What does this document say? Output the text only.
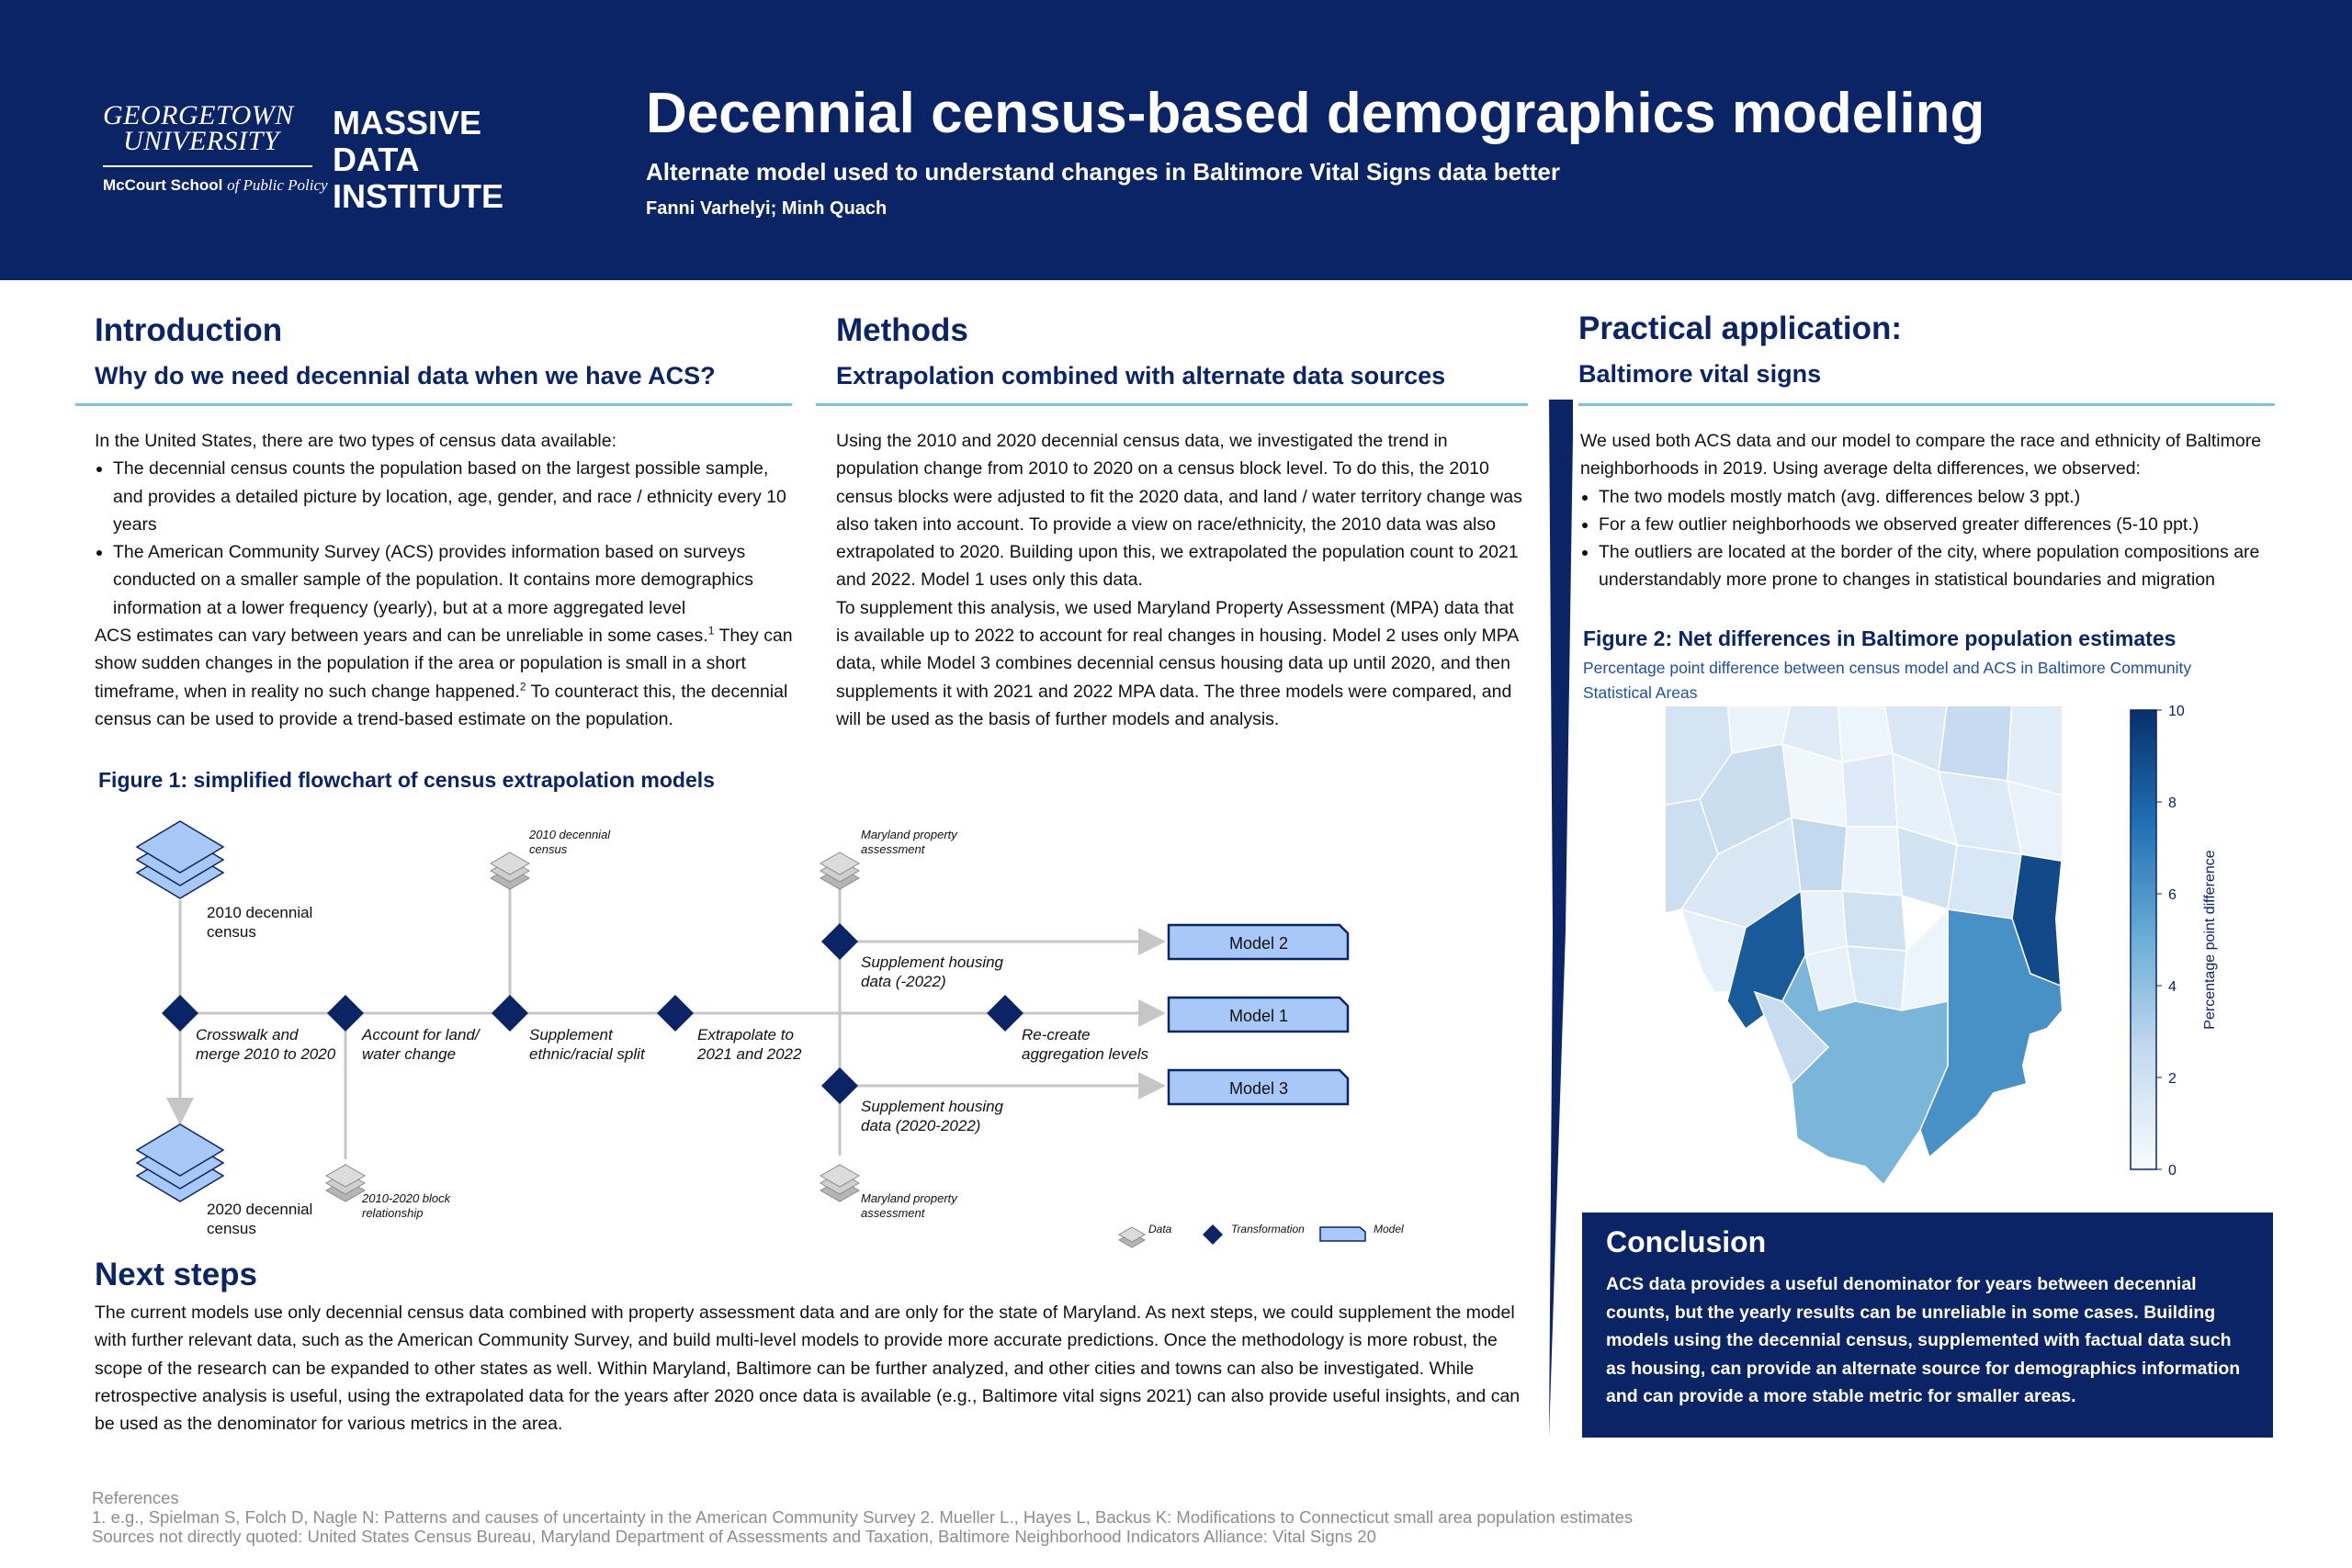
GEORGETOWN
UNIVERSITY
McCourt School of Public Policy
MASSIVE
DATA
INSTITUTE
Decennial census-based demographics modeling
Alternate model used to understand changes in Baltimore Vital Signs data better
Fanni Varhelyi; Minh Quach
Introduction
Why do we need decennial data when we have ACS?

In the United States, there are two types of census data available:

• The decennial census counts the population based on the largest possible sample, and provides a detailed picture by location, age, gender, and race / ethnicity every 10 years
• The American Community Survey (ACS) provides information based on surveys conducted on a smaller sample of the population. It contains more demographics information at a lower frequency (yearly), but at a more aggregated level

ACS estimates can vary between years and can be unreliable in some cases.$^1$ They can show sudden changes in the population if the area or population is small in a short timeframe, when in reality no such change happened.$^2$ To counteract this, the decennial census can be used to provide a trend-based estimate on the population.

Methods
Extrapolation combined with alternate data sources

Using the 2010 and 2020 decennial census data, we investigated the trend in population change from 2010 to 2020 on a census block level. To do this, the 2010 census blocks were adjusted to fit the 2020 data, and land / water territory change was also taken into account. To provide a view on race/ethnicity, the 2010 data was also extrapolated to 2020. Building upon this, we extrapolated the population count to 2021 and 2022. Model 1 uses only this data.

To supplement this analysis, we used Maryland Property Assessment (MPA) data that is available up to 2022 to account for real changes in housing. Model 2 uses only MPA data, while Model 3 combines decennial census housing data up until 2020, and then supplements it with 2021 and 2022 MPA data. The three models were compared, and will be used as the basis of further models and analysis.

Figure 1: simplified flowchart of census extrapolation models
2010 decennial census
2020 decennial census
2010 decennial census
Maryland property assessment
2010-2020 block relationship
Maryland property assessment
Crosswalk and merge 2010 to 2020
Account for land/ water change
Supplement ethnic/racial split
Extrapolate to 2021 and 2022
Re-create aggregation levels
Supplement housing data (-2022)
Supplement housing data (2020-2022)
Model 2
Model 1
Model 3
Data	Transformation	Model
Next steps
The current models use only decennial census data combined with property assessment data and are only for the state of Maryland. As next steps, we could supplement the model with further relevant data, such as the American Community Survey, and build multi-level models to provide more accurate predictions. Once the methodology is more robust, the scope of the research can be expanded to other states as well. Within Maryland, Baltimore can be further analyzed, and other cities and towns can also be investigated. While retrospective analysis is useful, using the extrapolated data for the years after 2020 once data is available (e.g., Baltimore vital signs 2021) can also provide useful insights, and can be used as the denominator for various metrics in the area.
Practical application:
Baltimore vital signs

We used both ACS data and our model to compare the race and ethnicity of Baltimore neighborhoods in 2019. Using average delta differences, we observed:

• The two models mostly match (avg. differences below 3 ppt.)
• For a few outlier neighborhoods we observed greater differences (5-10 ppt.)
• The outliers are located at the border of the city, where population compositions are understandably more prone to changes in statistical boundaries and migration
Figure 2: Net differences in Baltimore population estimates
Percentage point difference between census model and ACS in Baltimore Community Statistical Areas
0
2
4
6
8
10
Percentage point difference
Conclusion
ACS data provides a useful denominator for years between decennial counts, but the yearly results can be unreliable in some cases. Building models using the decennial census, supplemented with factual data such as housing, can provide an alternate source for demographics information and can provide a more stable metric for smaller areas.
References
1. e.g., Spielman S, Folch D, Nagle N: Patterns and causes of uncertainty in the American Community Survey 2. Mueller L., Hayes L, Backus K: Modifications to Connecticut small area population estimates
Sources not directly quoted: United States Census Bureau, Maryland Department of Assessments and Taxation, Baltimore Neighborhood Indicators Alliance: Vital Signs 20
